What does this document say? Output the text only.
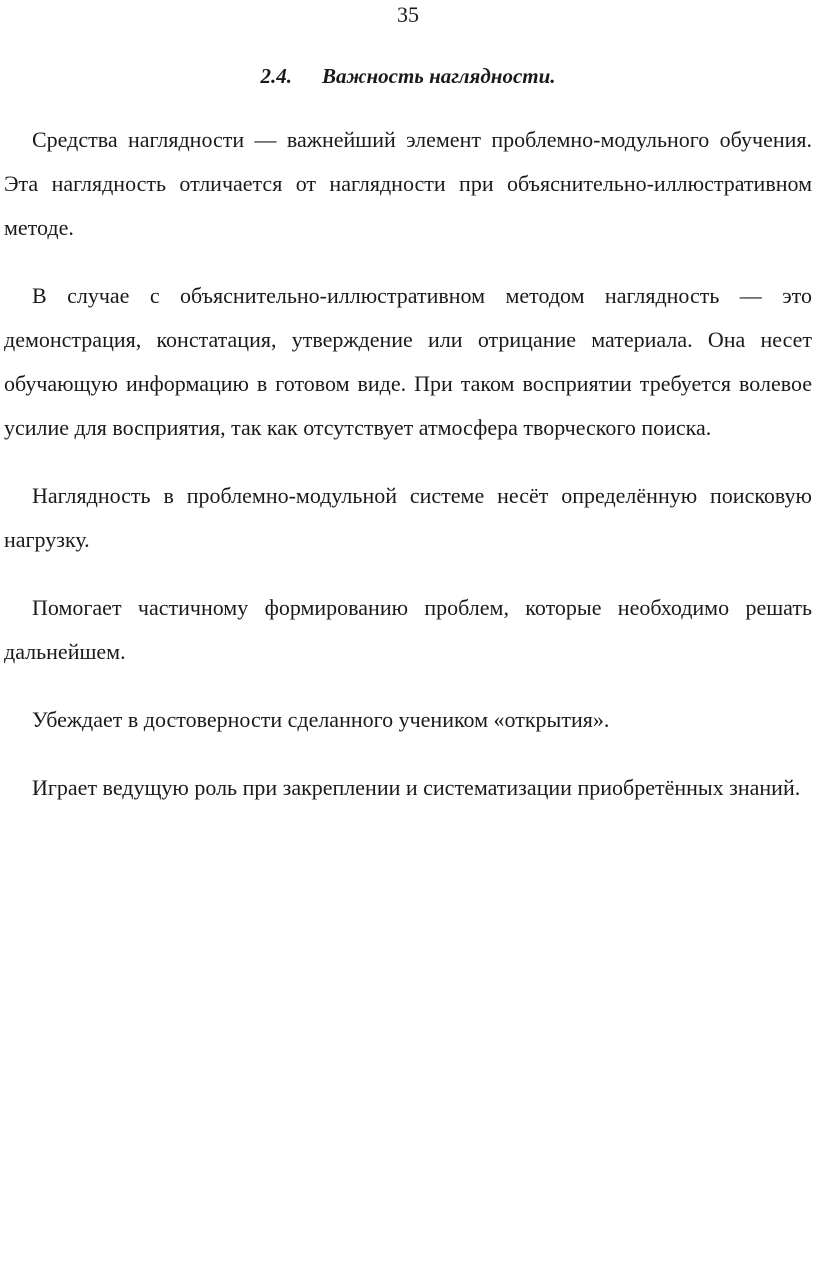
35
2.4. Важность наглядности.

Средства наглядности — важнейший элемент проблемно-модульного обучения. Эта наглядность отличается от наглядности при объяснительно-иллюстративном методе.

В случае с объяснительно-иллюстративном методом наглядность — это демонстрация, констатация, утверждение или отрицание материала. Она несет обучающую информацию в готовом виде. При таком восприятии требуется волевое усилие для восприятия, так как отсутствует атмосфера творческого поиска.

Наглядность в проблемно-модульной системе несёт определённую поисковую нагрузку.

Помогает частичному формированию проблем, которые необходимо решать дальнейшем.

Убеждает в достоверности сделанного учеником «открытия».

Играет ведущую роль при закреплении и систематизации приобретённых знаний.
